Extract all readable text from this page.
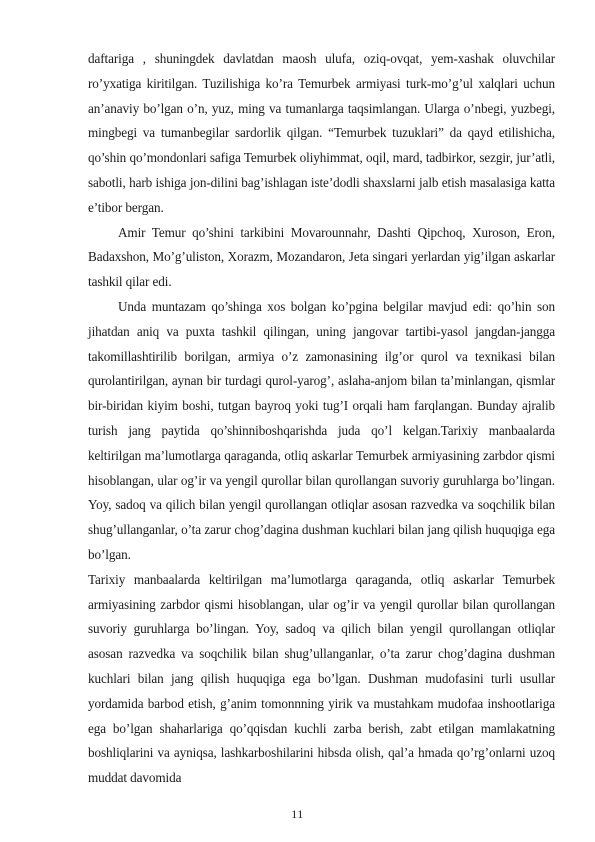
daftariga , shuningdek davlatdan maosh ulufa, oziq-ovqat, yem-xashak oluvchilar ro’yxatiga kiritilgan. Tuzilishiga ko’ra Temurbek armiyasi turk-mo’g’ul xalqlari uchun an’anaviy bo’lgan o’n, yuz, ming va tumanlarga taqsimlangan. Ularga o’nbegi, yuzbegi, mingbegi va tumanbegilar sardorlik qilgan. “Temurbek tuzuklari” da qayd etilishicha, qo’shin qo’mondonlari safiga Temurbek oliyhimmat, oqil, mard, tadbirkor, sezgir, jur’atli, sabotli, harb ishiga jon-dilini bag’ishlagan iste’dodli shaxslarni jalb etish masalasiga katta e’tibor bergan.

Amir Temur qo’shini tarkibini Movarounnahr, Dashti Qipchoq, Xuroson, Eron, Badaxshon, Mo’g’uliston, Xorazm, Mozandaron, Jeta singari yerlardan yig’ilgan askarlar tashkil qilar edi.

Unda muntazam qo’shinga xos bolgan ko’pgina belgilar mavjud edi: qo’hin son jihatdan aniq va puxta tashkil qilingan, uning jangovar tartibi-yasol jangdan-jangga takomillashtirilib borilgan, armiya o’z zamonasining ilg’or qurol va texnikasi bilan qurolantirilgan, aynan bir turdagi qurol-yarog’, aslaha-anjom bilan ta’minlangan, qismlar bir-biridan kiyim boshi, tutgan bayroq yoki tug’I orqali ham farqlangan. Bunday ajralib turish jang paytida qo’shinniboshqarishda juda qo’l kelgan.Tarixiy manbaalarda keltirilgan ma’lumotlarga qaraganda, otliq askarlar Temurbek armiyasining zarbdor qismi hisoblangan, ular og’ir va yengil qurollar bilan qurollangan suvoriy guruhlarga bo’lingan. Yoy, sadoq va qilich bilan yengil qurollangan otliqlar asosan razvedka va soqchilik bilan shug’ullanganlar, o’ta zarur chog’dagina dushman kuchlari bilan jang qilish huquqiga ega bo’lgan.

Tarixiy manbaalarda keltirilgan ma’lumotlarga qaraganda, otliq askarlar Temurbek armiyasining zarbdor qismi hisoblangan, ular og’ir va yengil qurollar bilan qurollangan suvoriy guruhlarga bo’lingan. Yoy, sadoq va qilich bilan yengil qurollangan otliqlar asosan razvedka va soqchilik bilan shug’ullanganlar, o’ta zarur chog’dagina dushman kuchlari bilan jang qilish huquqiga ega bo’lgan. Dushman mudofasini turli usullar yordamida barbod etish, g’anim tomonnning yirik va mustahkam mudofaa inshootlariga ega bo’lgan shaharlariga qo’qqisdan kuchli zarba berish, zabt etilgan mamlakatning boshliqlarini va ayniqsa, lashkarboshilarini hibsda olish, qal’a hmada qo’rg’onlarni uzoq muddat davomida

11
